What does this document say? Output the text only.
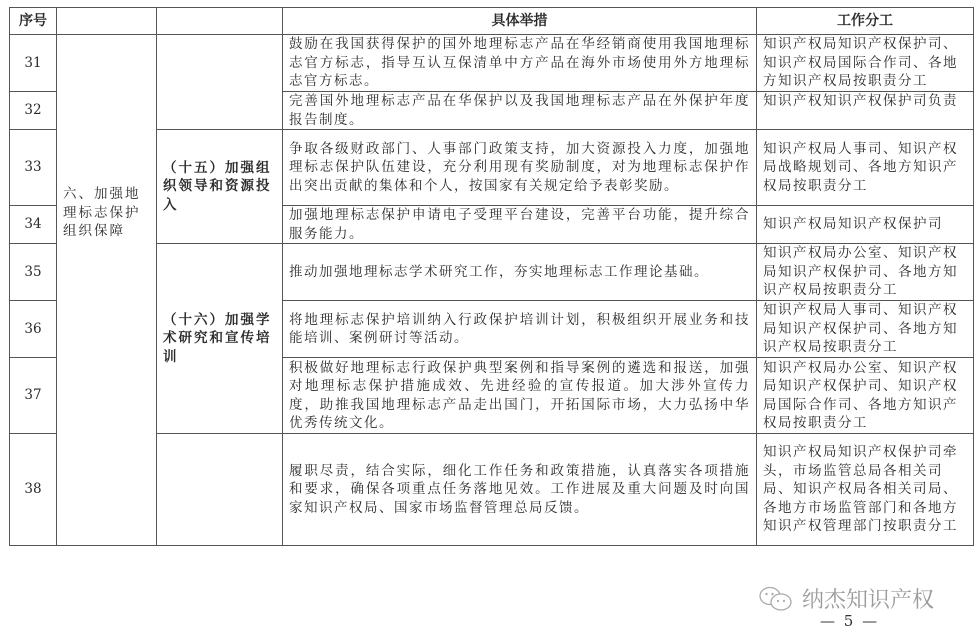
序号			具体举措	工作分工
31	六、加强地理标志保护组织保障		鼓励在我国获得保护的国外地理标志产品在华经销商使用我国地理标志官方标志，指导互认互保清单中方产品在海外市场使用外方地理标志官方标志。	知识产权局知识产权保护司、知识产权局国际合作司、各地方知识产权局按职责分工
32			完善国外地理标志产品在华保护以及我国地理标志产品在外保护年度报告制度。	知识产权知识产权保护司负责
33		（十五）加强组织领导和资源投入	争取各级财政部门、人事部门政策支持，加大资源投入力度，加强地理标志保护队伍建设，充分利用现有奖励制度，对为地理标志保护作出突出贡献的集体和个人，按国家有关规定给予表彰奖励。	知识产权局人事司、知识产权局战略规划司、各地方知识产权局按职责分工
34			加强地理标志保护申请电子受理平台建设，完善平台功能，提升综合服务能力。	知识产权局知识产权保护司
35		（十六）加强学术研究和宣传培训	推动加强地理标志学术研究工作，夯实地理标志工作理论基础。	知识产权局办公室、知识产权局知识产权保护司、各地方知识产权局按职责分工
36			将地理标志保护培训纳入行政保护培训计划，积极组织开展业务和技能培训、案例研讨等活动。	知识产权局人事司、知识产权局知识产权保护司、各地方知识产权局按职责分工
37			积极做好地理标志行政保护典型案例和指导案例的遴选和报送，加强对地理标志保护措施成效、先进经验的宣传报道。加大涉外宣传力度，助推我国地理标志产品走出国门，开拓国际市场，大力弘扬中华优秀传统文化。	知识产权局办公室、知识产权局知识产权保护司、知识产权局国际合作司、各地方知识产权局按职责分工
38			履职尽责，结合实际，细化工作任务和政策措施，认真落实各项措施和要求，确保各项重点任务落地见效。工作进展及重大问题及时向国家知识产权局、国家市场监督管理总局反馈。	知识产权局知识产权保护司牵头，市场监管总局各相关司局、知识产权局各相关司局、各地方市场监管部门和各地方知识产权管理部门按职责分工
纳杰知识产权
— 5 —
